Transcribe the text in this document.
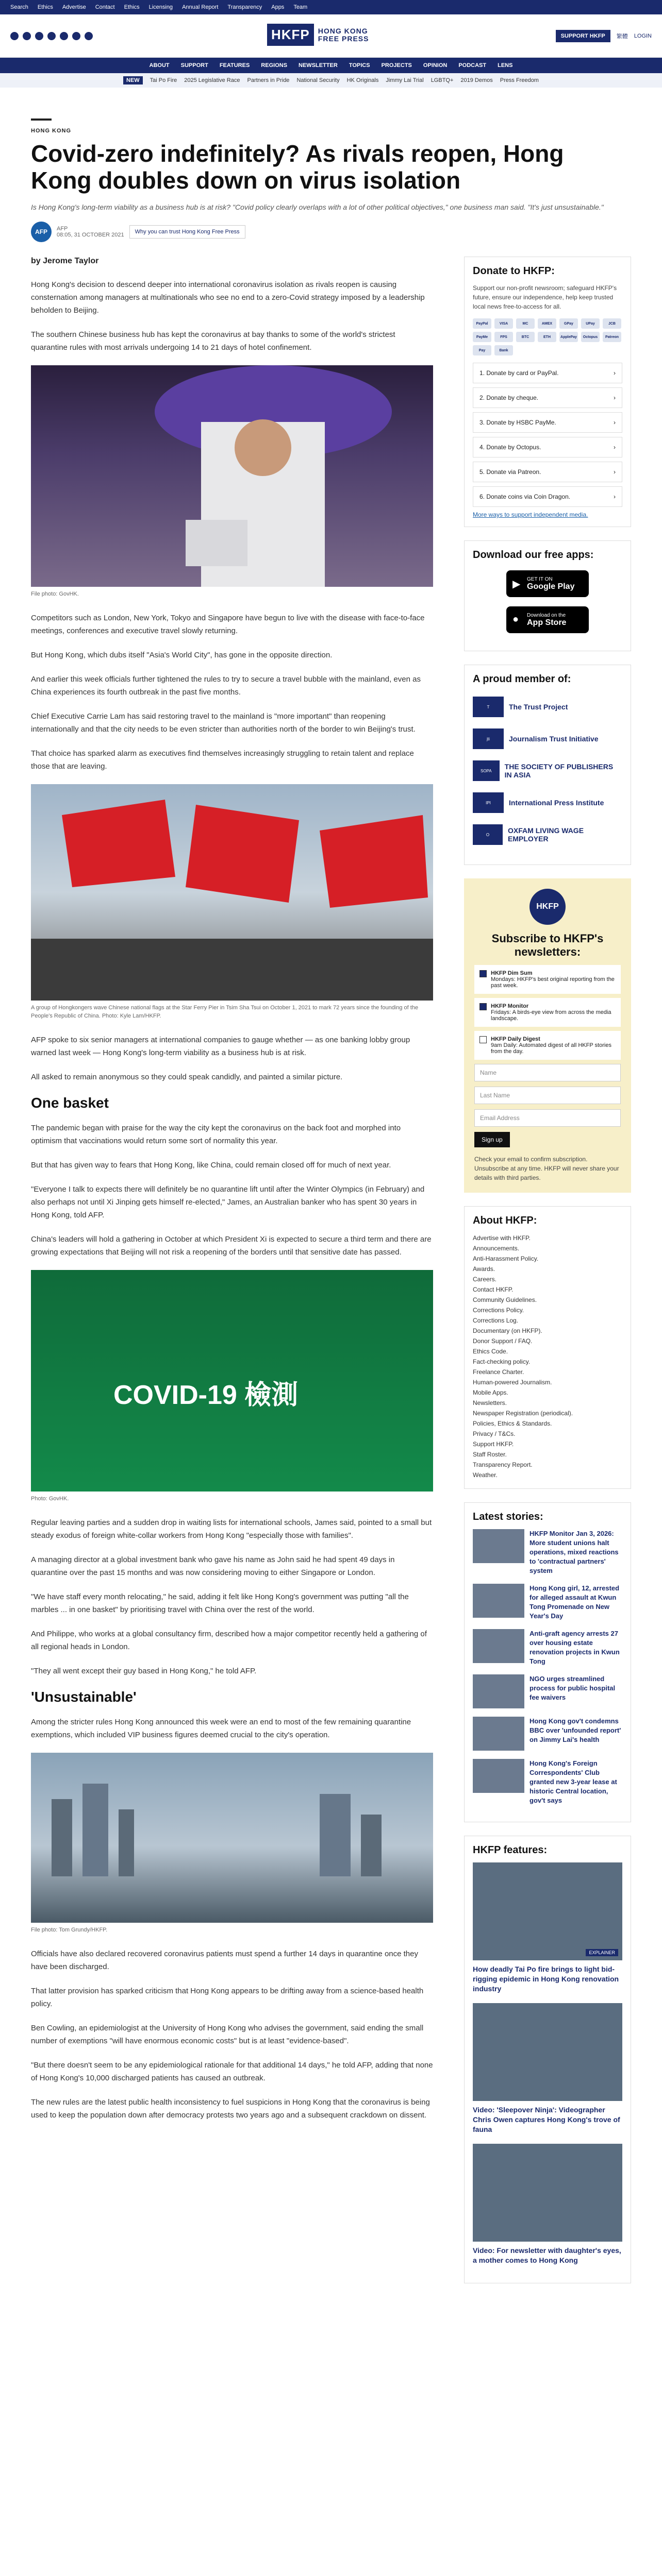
Search Ethics Advertise Contact Ethics Licensing Annual Report Transparency Apps Team
HKFP	HONG KONG
FREE PRESS	SUPPORT HKFP	繁體 LOGIN
ABOUT SUPPORT FEATURES REGIONS NEWSLETTER TOPICS PROJECTS OPINION PODCAST LENS
NEW	Tai Po Fire 2025 Legislative Race Partners in Pride National Security HK Originals Jimmy Lai Trial LGBTQ+ 2019 Demos Press Freedom
HONG KONG
Covid-zero indefinitely? As rivals reopen, Hong Kong doubles down on virus isolation
Is Hong Kong's long-term viability as a business hub is at risk? "Covid policy clearly overlaps with a lot of other political objectives," one business man said. "It's just unsustainable."
AFP	AFP
08:05, 31 OCTOBER 2021	Why you can trust Hong Kong Free Press
by Jerome Taylor

Hong Kong's decision to descend deeper into international coronavirus isolation as rivals reopen is causing consternation among managers at multinationals who see no end to a zero-Covid strategy imposed by a leadership beholden to Beijing.

The southern Chinese business hub has kept the coronavirus at bay thanks to some of the world's strictest quarantine rules with most arrivals undergoing 14 to 21 days of hotel confinement.

File photo: GovHK.

Competitors such as London, New York, Tokyo and Singapore have begun to live with the disease with face-to-face meetings, conferences and executive travel slowly returning.

But Hong Kong, which dubs itself "Asia's World City", has gone in the opposite direction.

And earlier this week officials further tightened the rules to try to secure a travel bubble with the mainland, even as China experiences its fourth outbreak in the past five months.

Chief Executive Carrie Lam has said restoring travel to the mainland is "more important" than reopening internationally and that the city needs to be even stricter than authorities north of the border to win Beijing's trust.

That choice has sparked alarm as executives find themselves increasingly struggling to retain talent and replace those that are leaving.

A group of Hongkongers wave Chinese national flags at the Star Ferry Pier in Tsim Sha Tsui on October 1, 2021 to mark 72 years since the founding of the People's Republic of China. Photo: Kyle Lam/HKFP.

AFP spoke to six senior managers at international companies to gauge whether — as one banking lobby group warned last week — Hong Kong's long-term viability as a business hub is at risk.

All asked to remain anonymous so they could speak candidly, and painted a similar picture.

One basket

The pandemic began with praise for the way the city kept the coronavirus on the back foot and morphed into optimism that vaccinations would return some sort of normality this year.

But that has given way to fears that Hong Kong, like China, could remain closed off for much of next year.

"Everyone I talk to expects there will definitely be no quarantine lift until after the Winter Olympics (in February) and also perhaps not until Xi Jinping gets himself re-elected," James, an Australian banker who has spent 30 years in Hong Kong, told AFP.

China's leaders will hold a gathering in October at which President Xi is expected to secure a third term and there are growing expectations that Beijing will not risk a reopening of the borders until that sensitive date has passed.

COVID-19 檢測
Photo: GovHK.

Regular leaving parties and a sudden drop in waiting lists for international schools, James said, pointed to a small but steady exodus of foreign white-collar workers from Hong Kong "especially those with families".

A managing director at a global investment bank who gave his name as John said he had spent 49 days in quarantine over the past 15 months and was now considering moving to either Singapore or London.

"We have staff every month relocating," he said, adding it felt like Hong Kong's government was putting "all the marbles ... in one basket" by prioritising travel with China over the rest of the world.

And Philippe, who works at a global consultancy firm, described how a major competitor recently held a gathering of all regional heads in London.

"They all went except their guy based in Hong Kong," he told AFP.

'Unsustainable'

Among the stricter rules Hong Kong announced this week were an end to most of the few remaining quarantine exemptions, which included VIP business figures deemed crucial to the city's operation.

File photo: Tom Grundy/HKFP.

Officials have also declared recovered coronavirus patients must spend a further 14 days in quarantine once they have been discharged.

That latter provision has sparked criticism that Hong Kong appears to be drifting away from a science-based health policy.

Ben Cowling, an epidemiologist at the University of Hong Kong who advises the government, said ending the small number of exemptions "will have enormous economic costs" but is at least "evidence-based".

"But there doesn't seem to be any epidemiological rationale for that additional 14 days," he told AFP, adding that none of Hong Kong's 10,000 discharged patients has caused an outbreak.

The new rules are the latest public health inconsistency to fuel suspicions in Hong Kong that the coronavirus is being used to keep the population down after democracy protests two years ago and a subsequent crackdown on dissent.

Donate to HKFP:

Support our non-profit newsroom; safeguard HKFP's future, ensure our independence, help keep trusted local news free-to-access for all.

PayPal	VISA	MC	AMEX	GPay	UPay	JCB
PayMe	FPS	BTC	ETH	ApplePay	Octopus	Patreon
Pay	Bank
1. Donate by card or PayPal.	›
2. Donate by cheque.	›
3. Donate by HSBC PayMe.	›
4. Donate by Octopus.	›
5. Donate via Patreon.	›
6. Donate coins via Coin Dragon.	›
More ways to support independent media.
Download our free apps:
▶ GET IT ON
Google Play
● Download on the
App Store
A proud member of:
T	The Trust Project
jti	Journalism Trust Initiative
SOPA	THE SOCIETY OF PUBLISHERS IN ASIA
IPI	International Press Institute
O	OXFAM LIVING WAGE EMPLOYER
HKFP
Subscribe to HKFP's newsletters:
HKFP Dim Sum
Mondays: HKFP's best original reporting from the past week.
HKFP Monitor
Fridays: A birds-eye view from across the media landscape.
HKFP Daily Digest
9am Daily: Automated digest of all HKFP stories from the day.
Name
Last Name
Email Address
Sign up

Check your email to confirm subscription. Unsubscribe at any time. HKFP will never share your details with third parties.

About HKFP:
Advertise with HKFP.
Announcements.
Anti-Harassment Policy.
Awards.
Careers.
Contact HKFP.
Community Guidelines.
Corrections Policy.
Corrections Log.
Documentary (on HKFP).
Donor Support / FAQ.
Ethics Code.
Fact-checking policy.
Freelance Charter.
Human-powered Journalism.
Mobile Apps.
Newsletters.
Newspaper Registration (periodical).
Policies, Ethics & Standards.
Privacy / T&Cs.
Support HKFP.
Staff Roster.
Transparency Report.
Weather.
Latest stories:
HKFP Monitor Jan 3, 2026: More student unions halt operations, mixed reactions to 'contractual partners' system
Hong Kong girl, 12, arrested for alleged assault at Kwun Tong Promenade on New Year's Day
Anti-graft agency arrests 27 over housing estate renovation projects in Kwun Tong
NGO urges streamlined process for public hospital fee waivers
Hong Kong gov't condemns BBC over 'unfounded report' on Jimmy Lai's health
Hong Kong's Foreign Correspondents' Club granted new 3-year lease at historic Central location, gov't says
HKFP features:
EXPLAINER
How deadly Tai Po fire brings to light bid-rigging epidemic in Hong Kong renovation industry
Video: 'Sleepover Ninja': Videographer Chris Owen captures Hong Kong's trove of fauna
Video: For newsletter with daughter's eyes, a mother comes to Hong Kong
